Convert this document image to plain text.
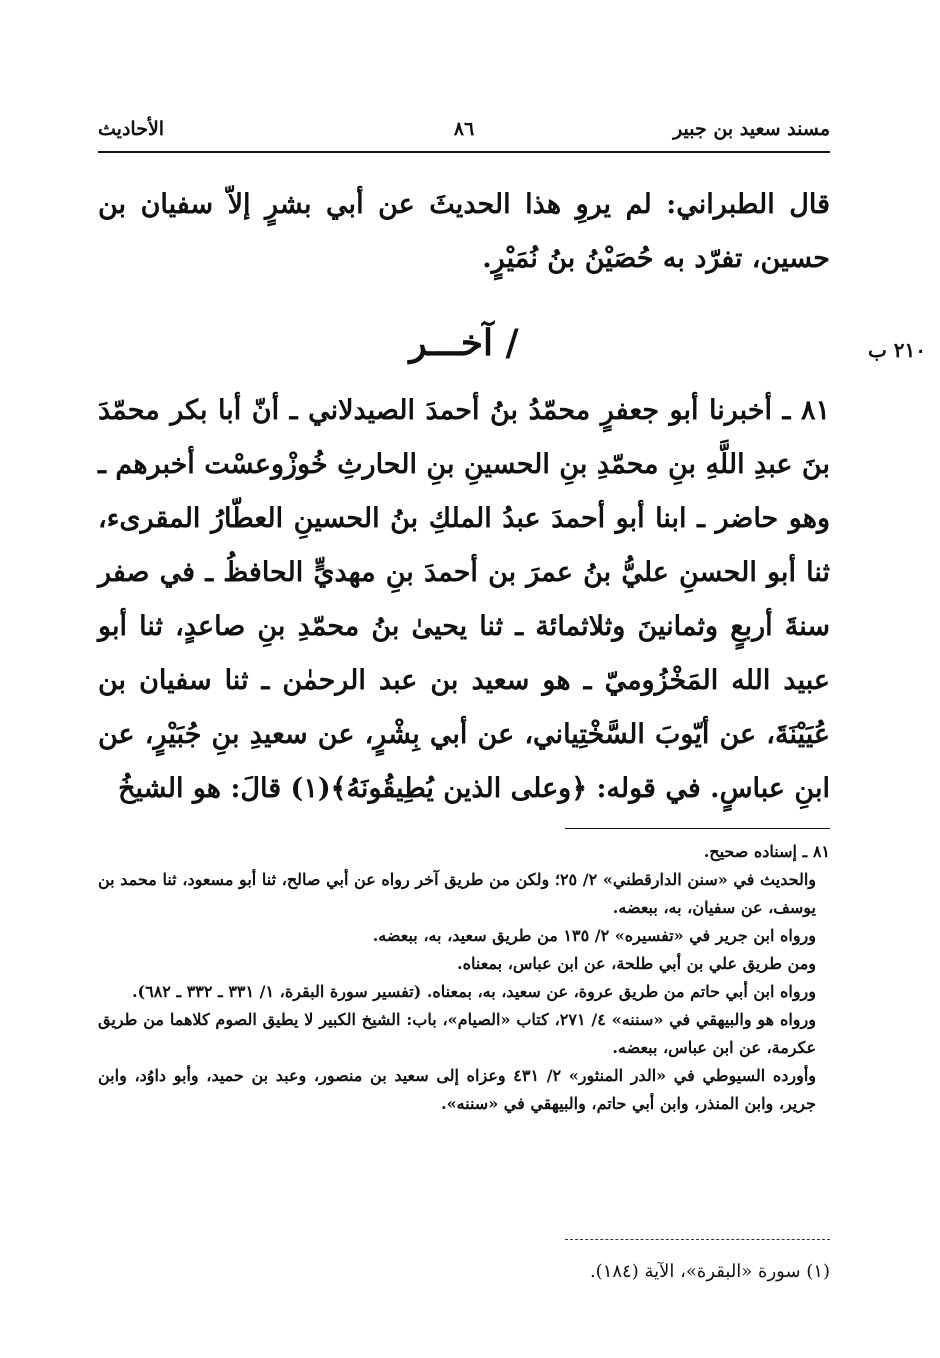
مسند سعيد بن جبير
٨٦
الأحاديث
قال الطبراني: لم يروِ هذا الحديثَ عن أبي بشرٍ إلاّ سفيان بن حسين، تفرّد به حُصَيْنُ بنُ نُمَيْرٍ.
/ آخـــر	٢١٠ ب
٨١ ـ أخبرنا أبو جعفرٍ محمّدُ بنُ أحمدَ الصيدلاني ـ أنّ أبا بكر محمّدَ بنَ عبدِ اللَّهِ بنِ محمّدِ بنِ الحسينِ بنِ الحارثِ خُوزْوعسْت أخبرهم ـ وهو حاضر ـ ابنا أبو أحمدَ عبدُ الملكِ بنُ الحسينِ العطّارُ المقرىء، ثنا أبو الحسنِ عليُّ بنُ عمرَ بن أحمدَ بنِ مهديٍّ الحافظُ ـ في صفر سنةَ أربعٍ وثمانينَ وثلاثمائة ـ ثنا يحيىٰ بنُ محمّدِ بنِ صاعدٍ، ثنا أبو عبيد الله المَخْزُوميّ ـ هو سعيد بن عبد الرحمٰن ـ ثنا سفيان بن عُيَيْنَةَ، عن أيّوبَ السَّخْتِياني، عن أبي بِشْرٍ، عن سعيدِ بنِ جُبَيْرٍ، عن ابنِ عباسٍ. في قوله: ﴿وعلى الذين يُطِيقُونَهُ﴾(١) قالَ: هو الشيخُ
٨١ ـ إسناده صحيح.
والحديث في «سنن الدارقطني» ٢/ ٢٥؛ ولكن من طريق آخر رواه عن أبي صالح، ثنا أبو مسعود، ثنا محمد بن يوسف، عن سفيان، به، ببعضه.
ورواه ابن جرير في «تفسيره» ٢/ ١٣٥ من طريق سعيد، به، ببعضه.
ومن طريق علي بن أبي طلحة، عن ابن عباس، بمعناه.
ورواه ابن أبي حاتم من طريق عروة، عن سعيد، به، بمعناه. (تفسير سورة البقرة، ١/ ٣٣١ ـ ٣٣٢ ـ ٦٨٢).
ورواه هو والبيهقي في «سننه» ٤/ ٢٧١، كتاب «الصيام»، باب: الشيخ الكبير لا يطيق الصوم كلاهما من طريق عكرمة، عن ابن عباس، ببعضه.
وأورده السيوطي في «الدر المنثور» ٢/ ٤٣١ وعزاه إلى سعيد بن منصور، وعبد بن حميد، وأبو داوُد، وابن جرير، وابن المنذر، وابن أبي حاتم، والبيهقي في «سننه».
(١) سورة «البقرة»، الآية (١٨٤).
